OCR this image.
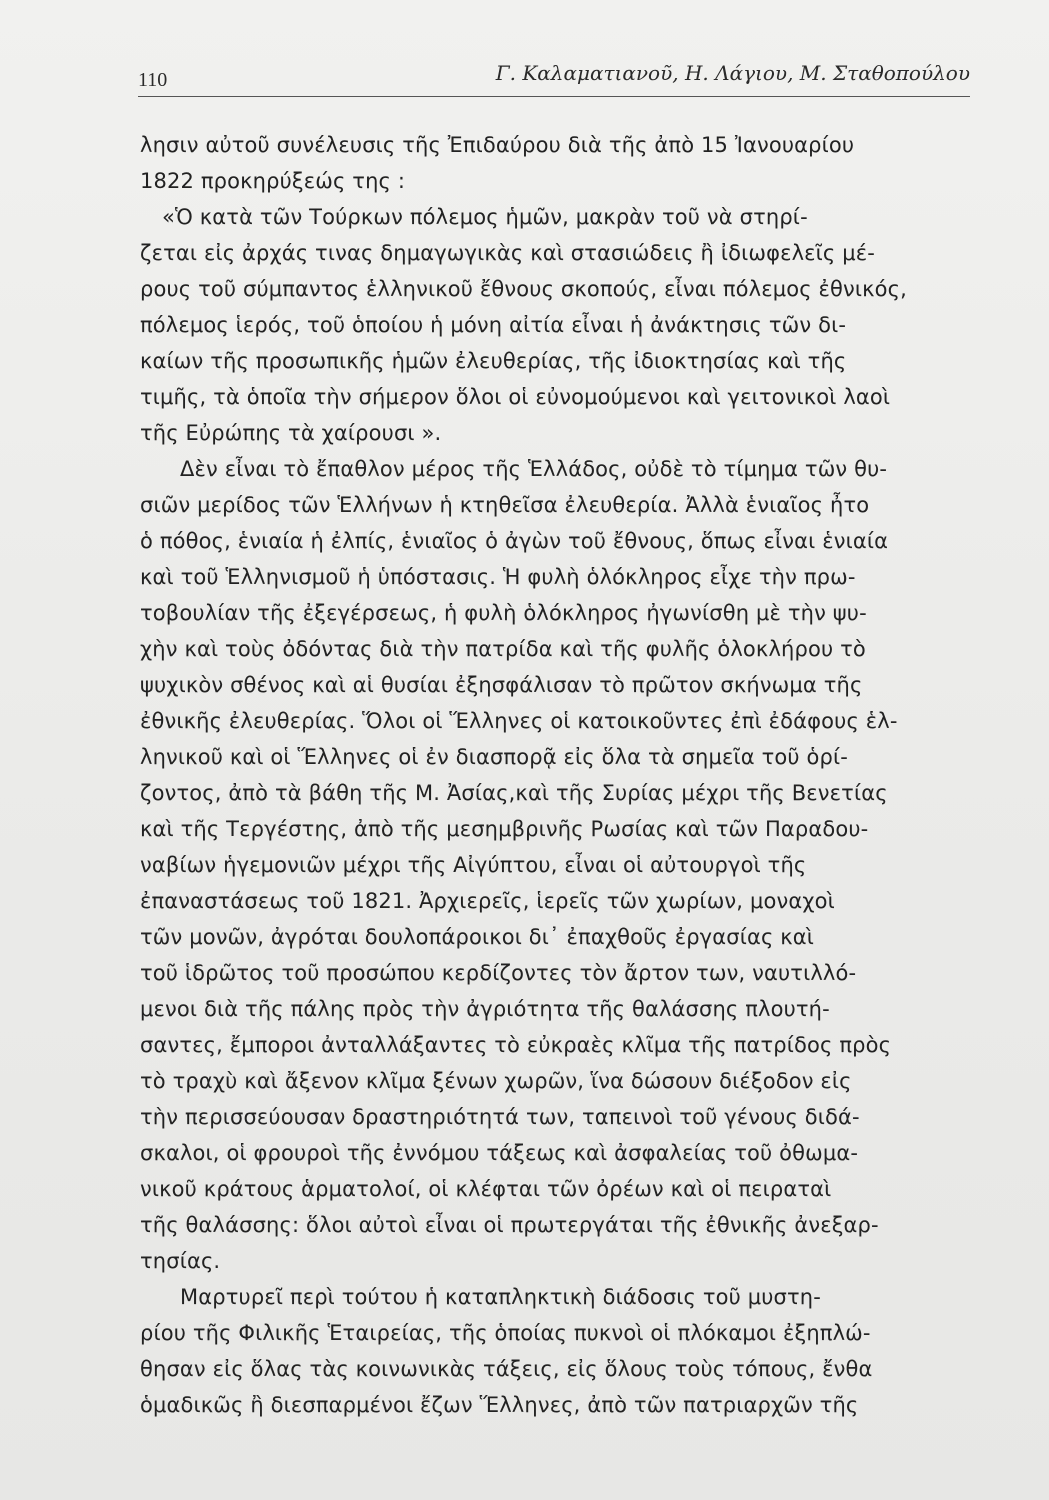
110	Γ. Καλαματιανοῦ, Η. Λάγιου, Μ. Σταθοπούλου
λησιν αὐτοῦ συνέλευσις τῆς Ἐπιδαύρου διὰ τῆς ἀπὸ 15 Ἰανουαρίου
1822 προκηρύξεώς της :
«Ὁ κατὰ τῶν Τούρκων πόλεμος ἡμῶν, μακρὰν τοῦ νὰ στηρί-
ζεται εἰς ἀρχάς τινας δημαγωγικὰς καὶ στασιώδεις ἢ ἰδιωφελεῖς μέ-
ρους τοῦ σύμπαντος ἑλληνικοῦ ἔθνους σκοπούς, εἶναι πόλεμος ἐθνικός,
πόλεμος ἱερός, τοῦ ὁποίου ἡ μόνη αἰτία εἶναι ἡ ἀνάκτησις τῶν δι-
καίων τῆς προσωπικῆς ἡμῶν ἐλευθερίας, τῆς ἰδιοκτησίας καὶ τῆς
τιμῆς, τὰ ὁποῖα τὴν σήμερον ὅλοι οἱ εὐνομούμενοι καὶ γειτονικοὶ λαοὶ
τῆς Εὐρώπης τὰ χαίρουσι ».
Δὲν εἶναι τὸ ἔπαθλον μέρος τῆς Ἑλλάδος, οὐδὲ τὸ τίμημα τῶν θυ-
σιῶν μερίδος τῶν Ἑλλήνων ἡ κτηθεῖσα ἐλευθερία. Ἀλλὰ ἑνιαῖος ἦτο
ὁ πόθος, ἑνιαία ἡ ἐλπίς, ἑνιαῖος ὁ ἀγὼν τοῦ ἔθνους, ὅπως εἶναι ἑνιαία
καὶ τοῦ Ἑλληνισμοῦ ἡ ὑπόστασις. Ἡ φυλὴ ὁλόκληρος εἶχε τὴν πρω-
τοβουλίαν τῆς ἐξεγέρσεως, ἡ φυλὴ ὁλόκληρος ἠγωνίσθη μὲ τὴν ψυ-
χὴν καὶ τοὺς ὀδόντας διὰ τὴν πατρίδα καὶ τῆς φυλῆς ὁλοκλήρου τὸ
ψυχικὸν σθένος καὶ αἱ θυσίαι ἐξησφάλισαν τὸ πρῶτον σκήνωμα τῆς
ἐθνικῆς ἐλευθερίας. Ὅλοι οἱ Ἕλληνες οἱ κατοικοῦντες ἐπὶ ἐδάφους ἑλ-
ληνικοῦ καὶ οἱ Ἕλληνες οἱ ἐν διασπορᾷ εἰς ὅλα τὰ σημεῖα τοῦ ὁρί-
ζοντος, ἀπὸ τὰ βάθη τῆς Μ. Ἀσίας,καὶ τῆς Συρίας μέχρι τῆς Βενετίας
καὶ τῆς Τεργέστης, ἀπὸ τῆς μεσημβρινῆς Ρωσίας καὶ τῶν Παραδου-
ναβίων ἡγεμονιῶν μέχρι τῆς Αἰγύπτου, εἶναι οἱ αὐτουργοὶ τῆς
ἐπαναστάσεως τοῦ 1821. Ἀρχιερεῖς, ἱερεῖς τῶν χωρίων, μοναχοὶ
τῶν μονῶν, ἀγρόται δουλοπάροικοι δι᾽ ἐπαχθοῦς ἐργασίας καὶ
τοῦ ἱδρῶτος τοῦ προσώπου κερδίζοντες τὸν ἄρτον των, ναυτιλλό-
μενοι διὰ τῆς πάλης πρὸς τὴν ἀγριότητα τῆς θαλάσσης πλουτή-
σαντες, ἔμποροι ἀνταλλάξαντες τὸ εὐκραὲς κλῖμα τῆς πατρίδος πρὸς
τὸ τραχὺ καὶ ἄξενον κλῖμα ξένων χωρῶν, ἵνα δώσουν διέξοδον εἰς
τὴν περισσεύουσαν δραστηριότητά των, ταπεινοὶ τοῦ γένους διδά-
σκαλοι, οἱ φρουροὶ τῆς ἐννόμου τάξεως καὶ ἀσφαλείας τοῦ ὀθωμα-
νικοῦ κράτους ἁρματολοί, οἱ κλέφται τῶν ὀρέων καὶ οἱ πειραταὶ
τῆς θαλάσσης: ὅλοι αὐτοὶ εἶναι οἱ πρωτεργάται τῆς ἐθνικῆς ἀνεξαρ-
τησίας.
Μαρτυρεῖ περὶ τούτου ἡ καταπληκτικὴ διάδοσις τοῦ μυστη-
ρίου τῆς Φιλικῆς Ἑταιρείας, τῆς ὁποίας πυκνοὶ οἱ πλόκαμοι ἐξηπλώ-
θησαν εἰς ὅλας τὰς κοινωνικὰς τάξεις, εἰς ὅλους τοὺς τόπους, ἔνθα
ὁμαδικῶς ἢ διεσπαρμένοι ἔζων Ἕλληνες, ἀπὸ τῶν πατριαρχῶν τῆς
